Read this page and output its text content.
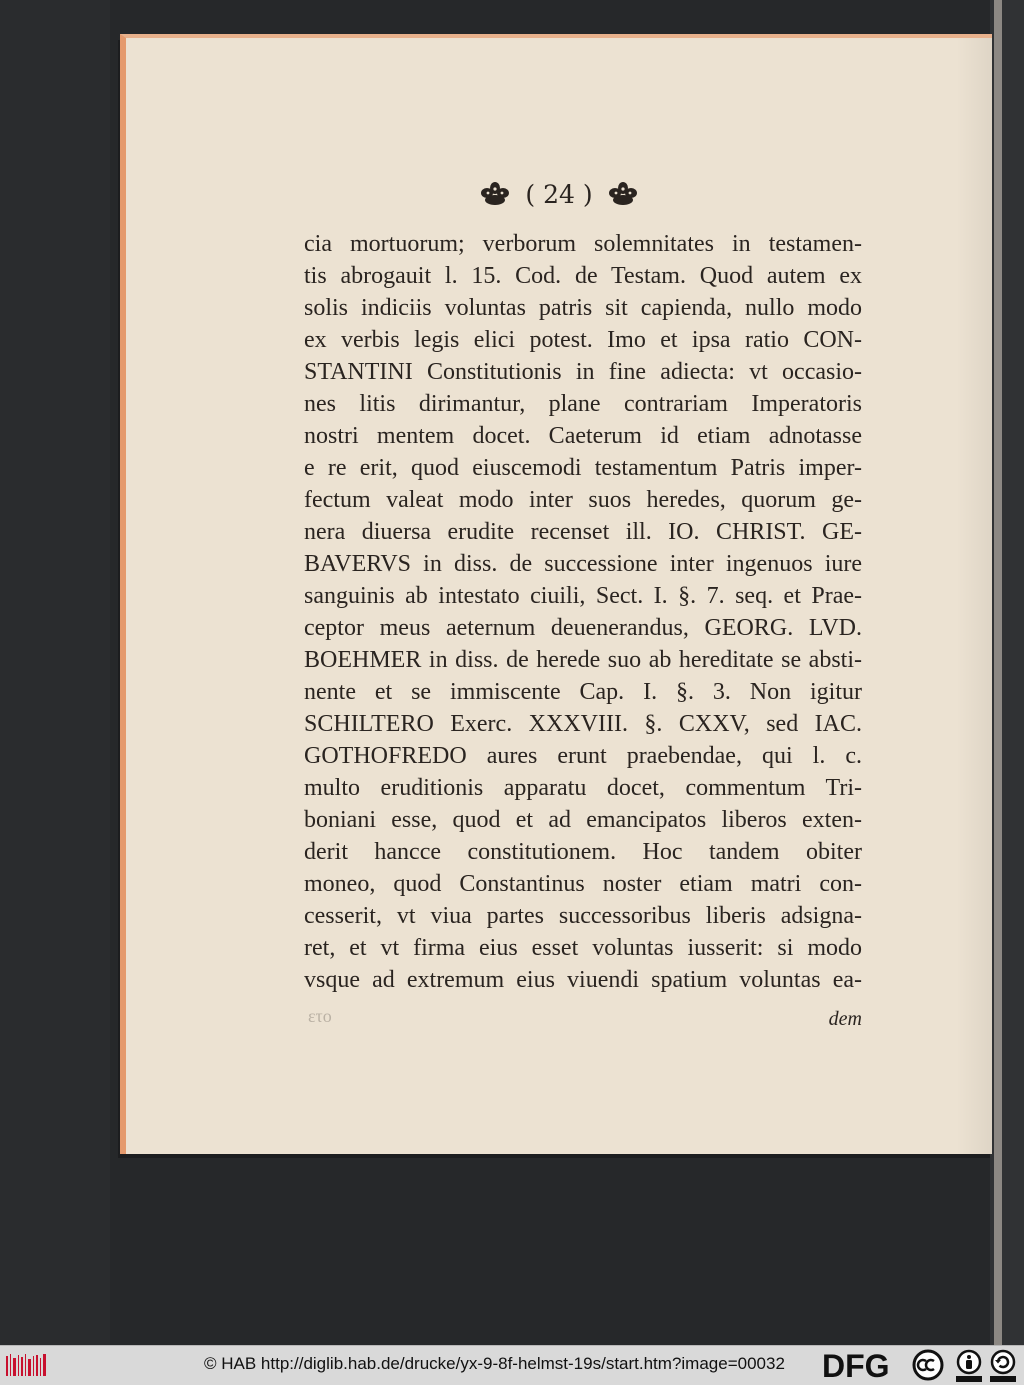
( 24 )
cia mortuorum; verborum solemnitates in testamen-
tis abrogauit l. 15. Cod. de Testam. Quod autem ex
solis indiciis voluntas patris sit capienda, nullo modo
ex verbis legis elici potest. Imo et ipsa ratio CON-
STANTINI Constitutionis in fine adiecta: vt occasio-
nes litis dirimantur, plane contrariam Imperatoris
nostri mentem docet. Caeterum id etiam adnotasse
e re erit, quod eiuscemodi testamentum Patris imper-
fectum valeat modo inter suos heredes, quorum ge-
nera diuersa erudite recenset ill. IO. CHRIST. GE-
BAVERVS in diss. de successione inter ingenuos iure
sanguinis ab intestato ciuili, Sect. I. §. 7. seq. et Prae-
ceptor meus aeternum deuenerandus, GEORG. LVD.
BOEHMER in diss. de herede suo ab hereditate se absti-
nente et se immiscente Cap. I. §. 3. Non igitur
SCHILTERO Exerc. XXXVIII. §. CXXV, sed IAC.
GOTHOFREDO aures erunt praebendae, qui l. c.
multo eruditionis apparatu docet, commentum Tri-
boniani esse, quod et ad emancipatos liberos exten-
derit hancce constitutionem. Hoc tandem obiter
moneo, quod Constantinus noster etiam matri con-
cesserit, vt viua partes successoribus liberis adsigna-
ret, et vt firma eius esset voluntas iusserit: si modo
vsque ad extremum eius viuendi spatium voluntas ea-
ετο	dem
© HAB http://diglib.hab.de/drucke/yx-9-8f-helmst-19s/start.htm?image=00032 DFG
